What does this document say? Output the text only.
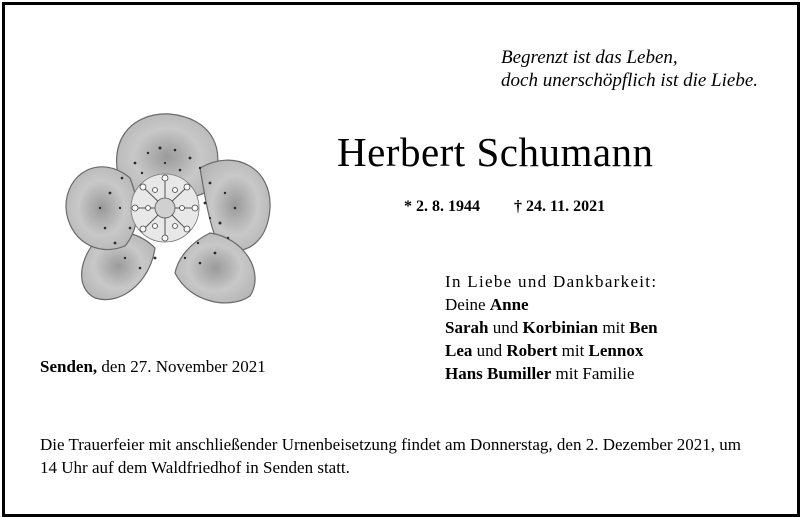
Begrenzt ist das Leben,
doch unerschöpflich ist die Liebe.
Herbert Schumann
* 2. 8. 1944 † 24. 11. 2021
In Liebe und Dankbarkeit:
Deine Anne
Sarah und Korbinian mit Ben
Lea und Robert mit Lennox
Hans Bumiller mit Familie
Senden, den 27. November 2021
Die Trauerfeier mit anschließender Urnenbeisetzung findet am Donnerstag, den 2. Dezember 2021, um 14 Uhr auf dem Waldfriedhof in Senden statt.
